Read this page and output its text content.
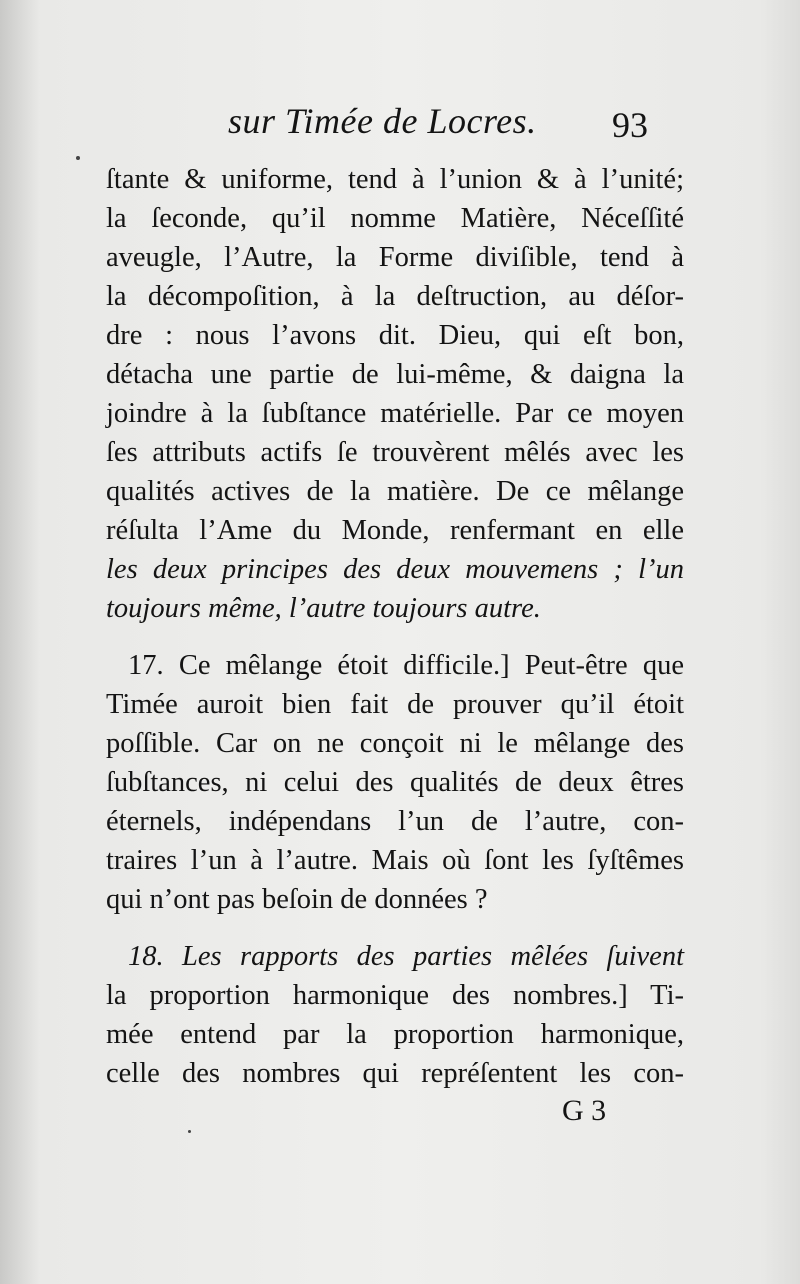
sur Timée de Locres. 93
ſtante & uniforme, tend à l’union & à l’unité;
la ſeconde, qu’il nomme Matière, Néceſſité
aveugle, l’Autre, la Forme diviſible, tend à
la décompoſition, à la deſtruction, au déſor-
dre : nous l’avons dit. Dieu, qui eſt bon,
détacha une partie de lui-même, & daigna la
joindre à la ſubſtance matérielle. Par ce moyen
ſes attributs actifs ſe trouvèrent mêlés avec les
qualités actives de la matière. De ce mêlange
réſulta l’Ame du Monde, renfermant en elle
les deux principes des deux mouvemens ; l’un
toujours même, l’autre toujours autre.
17. Ce mêlange étoit difficile.] Peut-être que
Timée auroit bien fait de prouver qu’il étoit
poſſible. Car on ne conçoit ni le mêlange des
ſubſtances, ni celui des qualités de deux êtres
éternels, indépendans l’un de l’autre, con-
traires l’un à l’autre. Mais où ſont les ſyſtêmes
qui n’ont pas beſoin de données ?
18. Les rapports des parties mêlées ſuivent
la proportion harmonique des nombres.] Ti-
mée entend par la proportion harmonique,
celle des nombres qui repréſentent les con-
G 3
